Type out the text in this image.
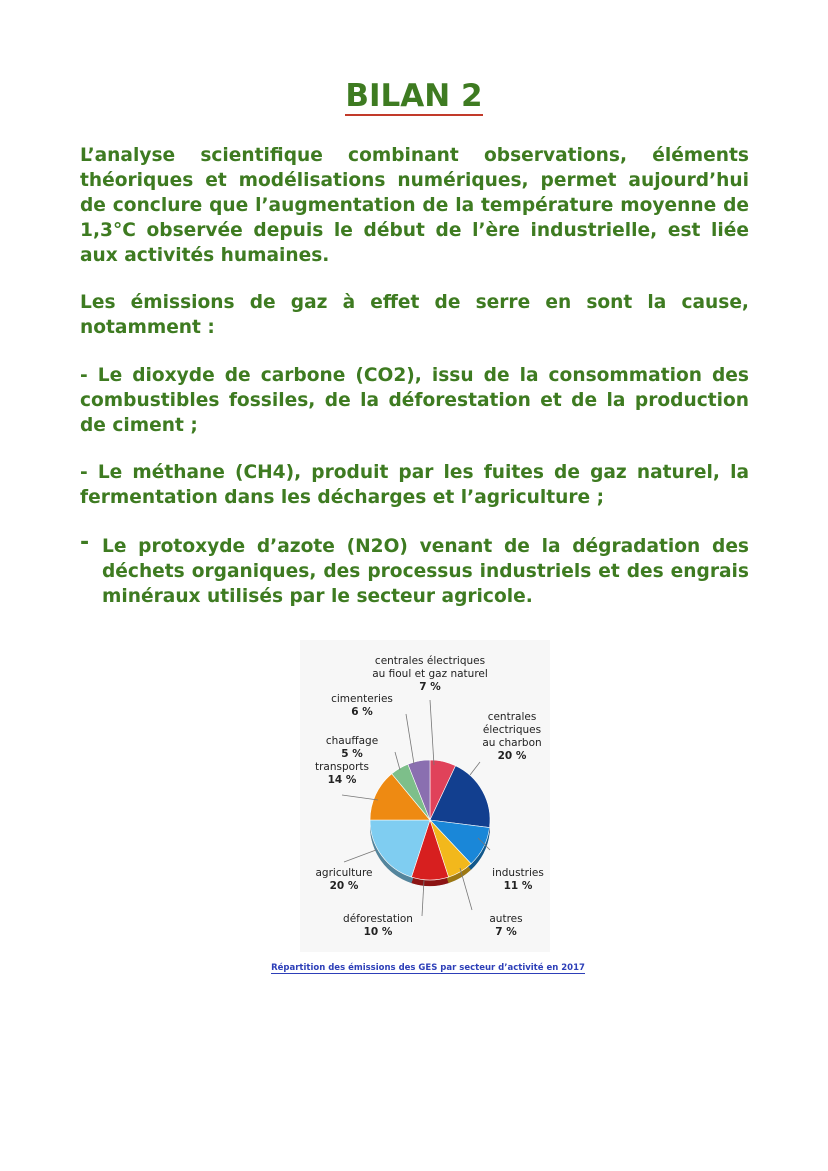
BILAN 2
L’analyse scientifique combinant observations, éléments théoriques et modélisations numériques, permet aujourd’hui de conclure que l’augmentation de la température moyenne de 1,3°C observée depuis le début de l’ère industrielle, est liée aux activités humaines.
Les émissions de gaz à effet de serre en sont la cause, notamment :
- Le dioxyde de carbone (CO2), issu de la consommation des combustibles fossiles, de la déforestation et de la production de ciment ;
- Le méthane (CH4), produit par les fuites de gaz naturel, la fermentation dans les décharges et l’agriculture ;
- Le protoxyde d’azote (N2O) venant de la dégradation des déchets organiques, des processus industriels et des engrais minéraux utilisés par le secteur agricole.
centrales électriques
au fioul et gaz naturel
7 %
centrales
électriques
au charbon
20 %
industries
11 %
autres
7 %
déforestation
10 %
agriculture
20 %
transports
14 %
chauffage
5 %
cimenteries
6 %
Répartition des émissions des GES par secteur d’activité en 2017
